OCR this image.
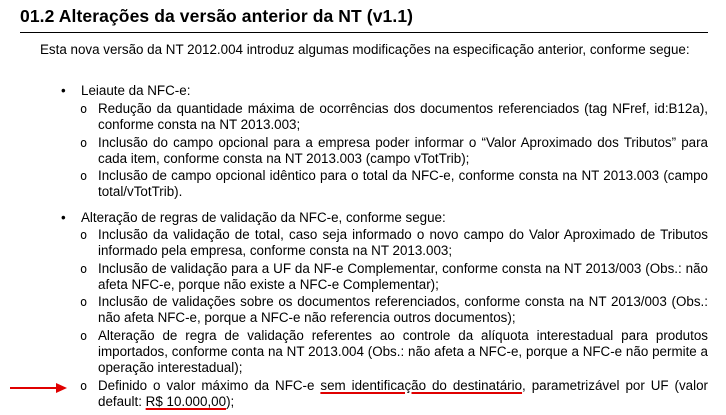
01.2 Alterações da versão anterior da NT (v1.1)
Esta nova versão da NT 2012.004 introduz algumas modificações na especificação anterior, conforme segue:
•	Leiaute da NFC-e:
o Redução da quantidade máxima de ocorrências dos documentos referenciados (tag NFref, id:B12a), conforme consta na NT 2013.003;
o Inclusão do campo opcional para a empresa poder informar o “Valor Aproximado dos Tributos” para cada item, conforme consta na NT 2013.003 (campo vTotTrib);
o Inclusão de campo opcional idêntico para o total da NFC-e, conforme consta na NT 2013.003 (campo total/vTotTrib).
•	Alteração de regras de validação da NFC-e, conforme segue:
o Inclusão da validação de total, caso seja informado o novo campo do Valor Aproximado de Tributos informado pela empresa, conforme consta na NT 2013.003;
o Inclusão de validação para a UF da NF-e Complementar, conforme consta na NT 2013/003 (Obs.: não afeta NFC-e, porque não existe a NFC-e Complementar);
o Inclusão de validações sobre os documentos referenciados, conforme consta na NT 2013/003 (Obs.: não afeta NFC-e, porque a NFC-e não referencia outros documentos);
o Alteração de regra de validação referentes ao controle da alíquota interestadual para produtos importados, conforme conta na NT 2013.004 (Obs.: não afeta a NFC-e, porque a NFC-e não permite a operação interestadual);
o Definido o valor máximo da NFC-e sem identificação do destinatário, parametrizável por UF (valor default: R$ 10.000,00);
